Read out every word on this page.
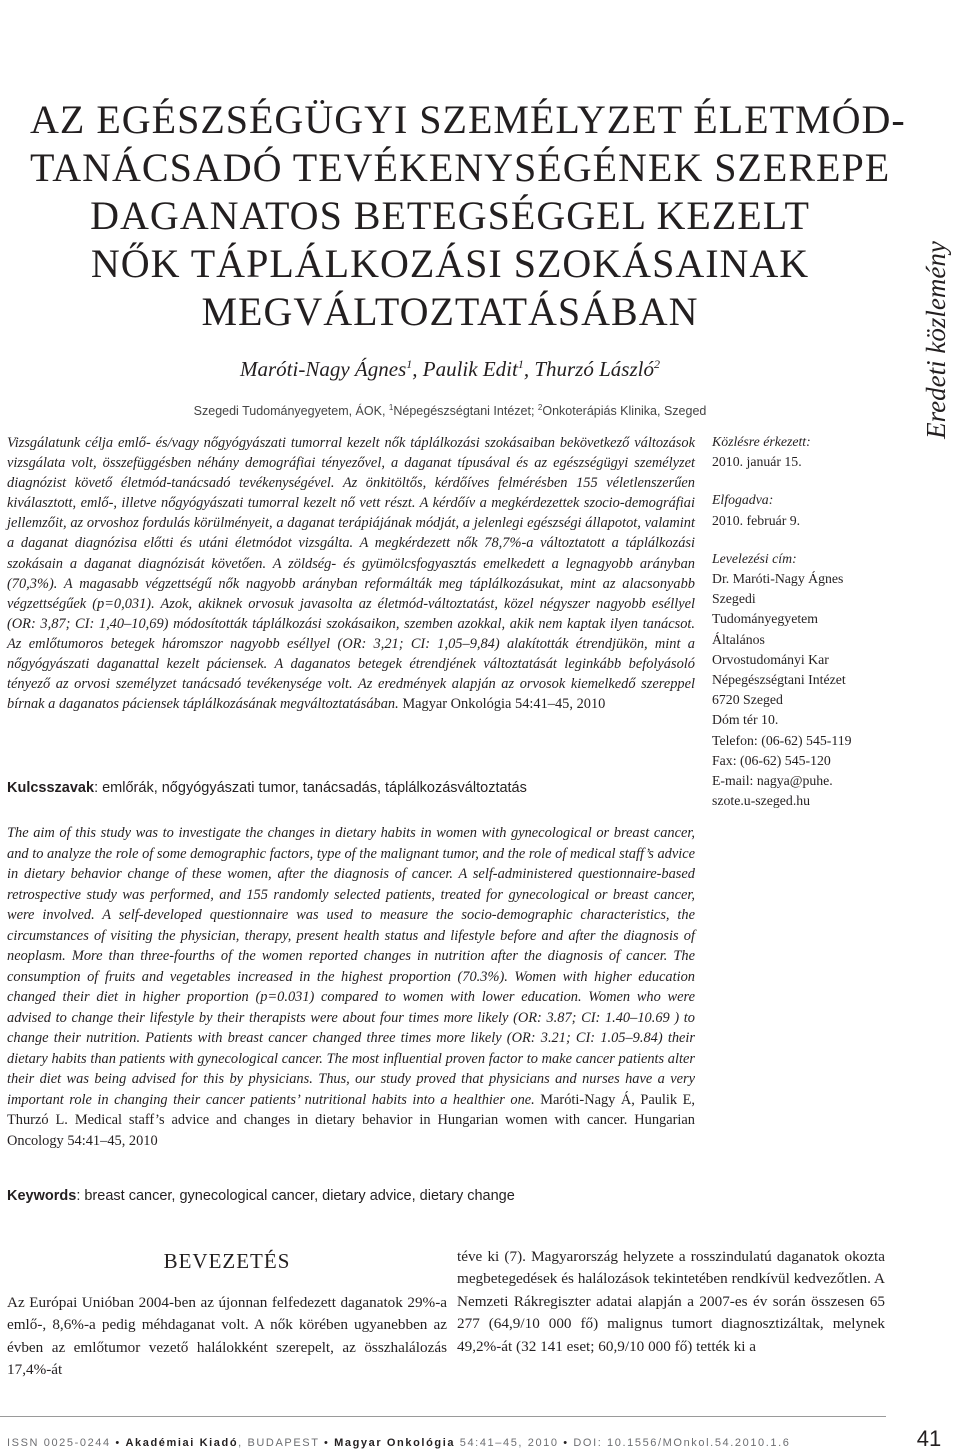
Eredeti közlemény
AZ EGÉSZSÉGÜGYI SZEMÉLYZET ÉLETMÓD-
TANÁCSADÓ TEVÉKENYSÉGÉNEK SZEREPE
DAGANATOS BETEGSÉGGEL KEZELT
NŐK TÁPLÁLKOZÁSI SZOKÁSAINAK
MEGVÁLTOZTATÁSÁBAN
Maróti-Nagy Ágnes$^1$, Paulik Edit$^1$, Thurzó László$^2$
Szegedi Tudományegyetem, ÁOK, $^1$Népegészségtani Intézet; $^2$Onkoterápiás Klinika, Szeged

Vizsgálatunk célja emlő- és/vagy nőgyógyászati tumorral kezelt nők táplálkozási szokásaiban bekövetkező változások vizsgálata volt, összefüggésben néhány demográfiai tényezővel, a daganat típusával és az egészségügyi személyzet diagnózist követő életmód-tanácsadó tevékenységével. Az önkitöltős, kérdőíves felmérésben 155 véletlenszerűen kiválasztott, emlő-, illetve nőgyógyászati tumorral kezelt nő vett részt. A kérdőív a megkérdezettek szocio-demográfiai jellemzőit, az orvoshoz fordulás körülményeit, a daganat terápiájának módját, a jelenlegi egészségi állapotot, valamint a daganat diagnózisa előtti és utáni életmódot vizsgálta. A megkérdezett nők 78,7%-a változtatott a táplálkozási szokásain a daganat diagnózisát követően. A zöldség- és gyümölcsfogyasztás emelkedett a legnagyobb arányban (70,3%). A magasabb végzettségű nők nagyobb arányban reformálták meg táplálkozásukat, mint az alacsonyabb végzettségűek (p=0,031). Azok, akiknek orvosuk javasolta az életmód-változtatást, közel négyszer nagyobb eséllyel (OR: 3,87; CI: 1,40–10,69) módosították táplálkozási szokásaikon, szemben azokkal, akik nem kaptak ilyen tanácsot. Az emlőtumoros betegek háromszor nagyobb eséllyel (OR: 3,21; CI: 1,05–9,84) alakították étrendjükön, mint a nőgyógyászati daganattal kezelt páciensek. A daganatos betegek étrendjének változtatását leginkább befolyásoló tényező az orvosi személyzet tanácsadó tevékenysége volt. Az eredmények alapján az orvosok kiemelkedő szereppel bírnak a daganatos páciensek táplálkozásának megváltoztatásában. Magyar Onkológia 54:41–45, 2010

Kulcsszavak: emlőrák, nőgyógyászati tumor, tanácsadás, táplálkozásváltoztatás

The aim of this study was to investigate the changes in dietary habits in women with gynecological or breast cancer, and to analyze the role of some demographic factors, type of the malignant tumor, and the role of medical staff’s advice in dietary behavior change of these women, after the diagnosis of cancer. A self-administered questionnaire-based retrospective study was performed, and 155 randomly selected patients, treated for gynecological or breast cancer, were involved. A self-developed questionnaire was used to measure the socio-demographic characteristics, the circumstances of visiting the physician, therapy, present health status and lifestyle before and after the diagnosis of neoplasm. More than three-fourths of the women reported changes in nutrition after the diagnosis of cancer. The consumption of fruits and vegetables increased in the highest proportion (70.3%). Women with higher education changed their diet in higher proportion (p=0.031) compared to women with lower education. Women who were advised to change their lifestyle by their therapists were about four times more likely (OR: 3.87; CI: 1.40–10.69 ) to change their nutrition. Patients with breast cancer changed three times more likely (OR: 3.21; CI: 1.05–9.84) their dietary habits than patients with gynecological cancer. The most influential proven factor to make cancer patients alter their diet was being advised for this by physicians. Thus, our study proved that physicians and nurses have a very important role in changing their cancer patients’ nutritional habits into a healthier one. Maróti-Nagy Á, Paulik E, Thurzó L. Medical staff’s advice and changes in dietary behavior in Hungarian women with cancer. Hungarian Oncology 54:41–45, 2010

Keywords: breast cancer, gynecological cancer, dietary advice, dietary change
Közlésre érkezett:
2010. január 15.
Elfogadva:
2010. február 9.
Levelezési cím:
Dr. Maróti-Nagy Ágnes
Szegedi
Tudományegyetem
Általános
Orvostudományi Kar
Népegészségtani Intézet
6720 Szeged
Dóm tér 10.
Telefon: (06-62) 545-119
Fax: (06-62) 545-120
E-mail: nagya@puhe.
szote.u-szeged.hu
BEVEZETÉS

Az Európai Unióban 2004-ben az újonnan felfedezett daganatok 29%-a emlő-, 8,6%-a pedig méhdaganat volt. A nők körében ugyanebben az évben az emlőtumor vezető halálokként szerepelt, az összhalálozás 17,4%-át

téve ki (7). Magyarország helyzete a rosszindulatú daganatok okozta megbetegedések és halálozások tekintetében rendkívül kedvezőtlen. A Nemzeti Rákregiszter adatai alapján a 2007-es év során összesen 65 277 (64,9/10 000 fő) malignus tumort diagnosztizáltak, melynek 49,2%-át (32 141 eset; 60,9/10 000 fő) tették ki a

ISSN 0025-0244 • Akadémiai Kiadó, BUDAPEST • Magyar Onkológia 54:41–45, 2010 • DOI: 10.1556/MOnkol.54.2010.1.6	41
